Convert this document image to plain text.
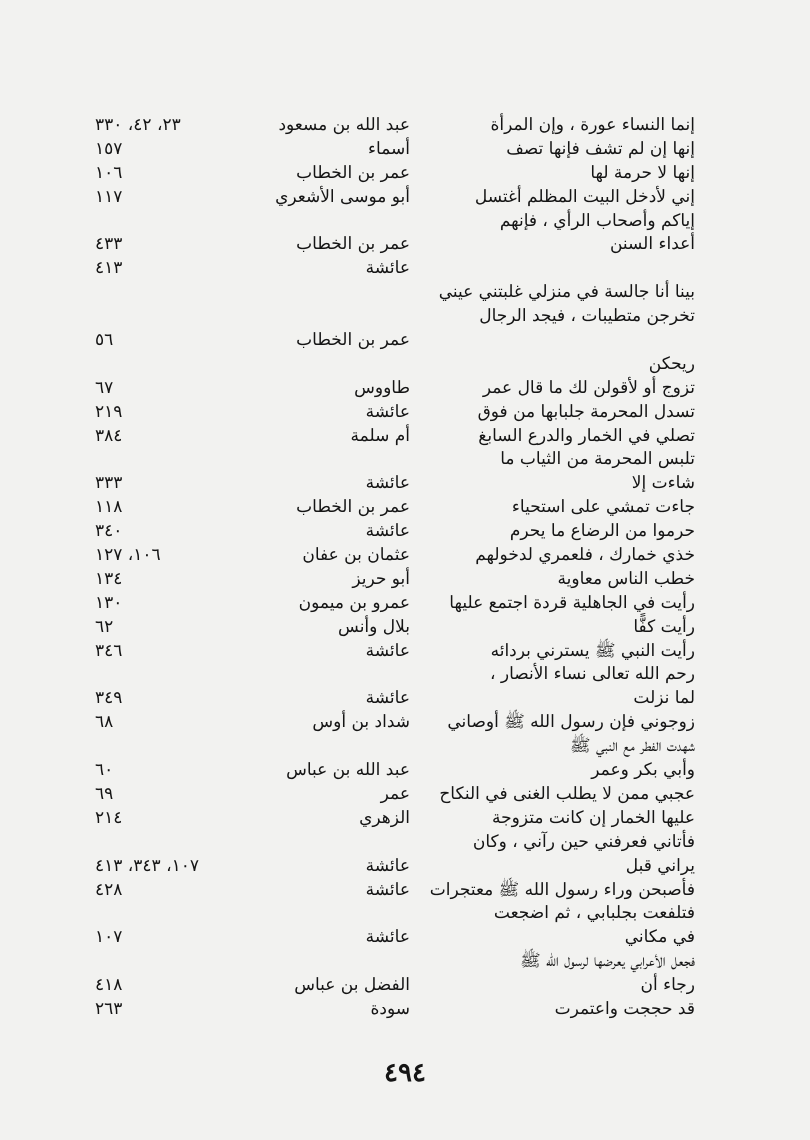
إنما النساء عورة ، وإن المرأة
عبد الله بن مسعود
٢٣، ٤٢، ٣٣٠
إنها إن لم تشف فإنها تصف
أسماء
١٥٧
إنها لا حرمة لها
عمر بن الخطاب
١٠٦
إني لأدخل البيت المظلم أغتسل
أبو موسى الأشعري
١١٧
إياكم وأصحاب الرأي ، فإنهم
أعداء السنن
عمر بن الخطاب
٤٣٣
عائشة
٤١٣
بينا أنا جالسة في منزلي غلبتني عيني
تخرجن متطيبات ، فيجد الرجال
عمر بن الخطاب
٥٦
ريحكن
تزوج أو لأقولن لك ما قال عمر
طاووس
٦٧
تسدل المحرمة جلبابها من فوق
عائشة
٢١٩
تصلي في الخمار والدرع السابغ
أم سلمة
٣٨٤
تلبس المحرمة من الثياب ما
شاءت إلا
عائشة
٣٣٣
جاءت تمشي على استحياء
عمر بن الخطاب
١١٨
حرموا من الرضاع ما يحرم
عائشة
٣٤٠
خذي خمارك ، فلعمري لدخولهم
عثمان بن عفان
١٠٦، ١٢٧
خطب الناس معاوية
أبو حريز
١٣٤
رأيت في الجاهلية قردة اجتمع عليها
عمرو بن ميمون
١٣٠
رأيت كفًّا
بلال وأنس
٦٢
رأيت النبي ﷺ يسترني بردائه
عائشة
٣٤٦
رحم الله تعالى نساء الأنصار ،
لما نزلت
عائشة
٣٤٩
زوجوني فإن رسول الله ﷺ أوصاني
شداد بن أوس
٦٨
شهدت الفطر مع النبي ﷺ
وأبي بكر وعمر
عبد الله بن عباس
٦٠
عجبي ممن لا يطلب الغنى في النكاح
عمر
٦٩
عليها الخمار إن كانت متزوجة
الزهري
٢١٤
فأتاني فعرفني حين رآني ، وكان
يراني قبل
عائشة
١٠٧، ٣٤٣، ٤١٣
فأصبحن وراء رسول الله ﷺ معتجرات
عائشة
٤٢٨
فتلفعت بجلبابي ، ثم اضجعت
في مكاني
عائشة
١٠٧
فجعل الأعرابي يعرضها لرسول الله ﷺ
رجاء أن
الفضل بن عباس
٤١٨
قد حججت واعتمرت
سودة
٢٦٣
٤٩٤
